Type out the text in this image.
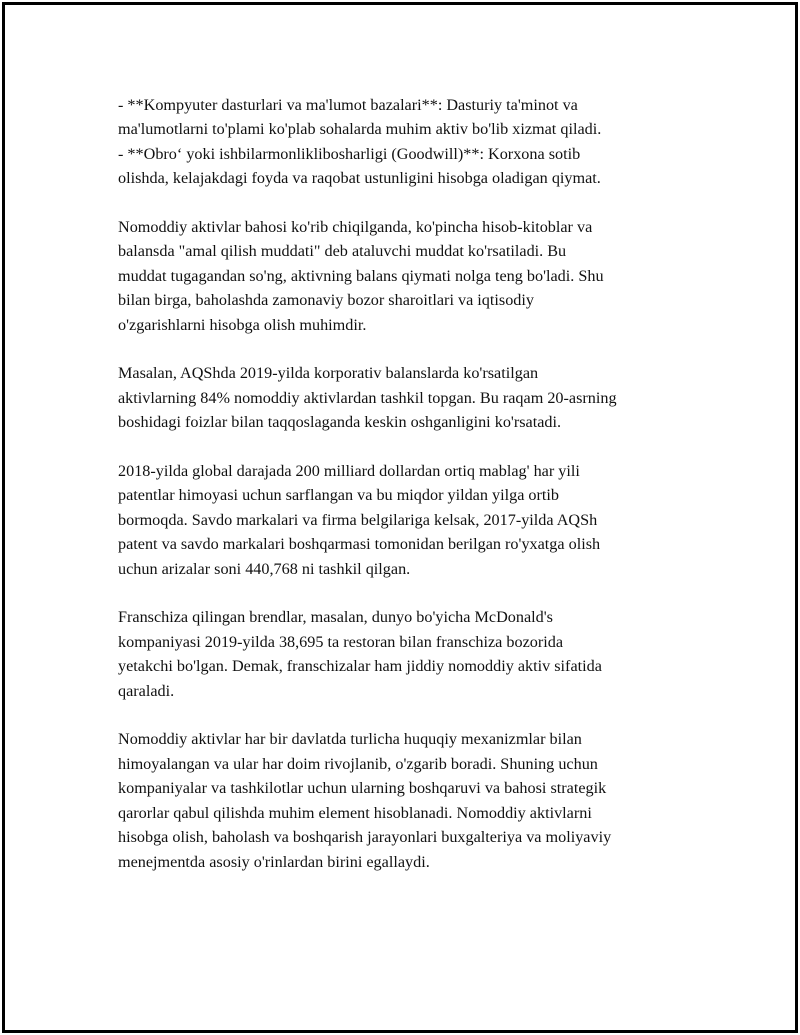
- **Kompyuter dasturlari va ma'lumot bazalari**: Dasturiy ta'minot va
ma'lumotlarni to'plami ko'plab sohalarda muhim aktiv bo'lib xizmat qiladi.

- **Obro‘ yoki ishbilarmonliklibosharligi (Goodwill)**: Korxona sotib
olishda, kelajakdagi foyda va raqobat ustunligini hisobga oladigan qiymat.

Nomoddiy aktivlar bahosi ko'rib chiqilganda, ko'pincha hisob-kitoblar va
balansda "amal qilish muddati" deb ataluvchi muddat ko'rsatiladi. Bu
muddat tugagandan so'ng, aktivning balans qiymati nolga teng bo'ladi. Shu
bilan birga, baholashda zamonaviy bozor sharoitlari va iqtisodiy
o'zgarishlarni hisobga olish muhimdir.

Masalan, AQShda 2019-yilda korporativ balanslarda ko'rsatilgan
aktivlarning 84% nomoddiy aktivlardan tashkil topgan. Bu raqam 20-asrning
boshidagi foizlar bilan taqqoslaganda keskin oshganligini ko'rsatadi.

2018-yilda global darajada 200 milliard dollardan ortiq mablag' har yili
patentlar himoyasi uchun sarflangan va bu miqdor yildan yilga ortib
bormoqda. Savdo markalari va firma belgilariga kelsak, 2017-yilda AQSh
patent va savdo markalari boshqarmasi tomonidan berilgan ro'yxatga olish
uchun arizalar soni 440,768 ni tashkil qilgan.

Franschiza qilingan brendlar, masalan, dunyo bo'yicha McDonald's
kompaniyasi 2019-yilda 38,695 ta restoran bilan franschiza bozorida
yetakchi bo'lgan. Demak, franschizalar ham jiddiy nomoddiy aktiv sifatida
qaraladi.

Nomoddiy aktivlar har bir davlatda turlicha huquqiy mexanizmlar bilan
himoyalangan va ular har doim rivojlanib, o'zgarib boradi. Shuning uchun
kompaniyalar va tashkilotlar uchun ularning boshqaruvi va bahosi strategik
qarorlar qabul qilishda muhim element hisoblanadi. Nomoddiy aktivlarni
hisobga olish, baholash va boshqarish jarayonlari buxgalteriya va moliyaviy
menejmentda asosiy o'rinlardan birini egallaydi.
